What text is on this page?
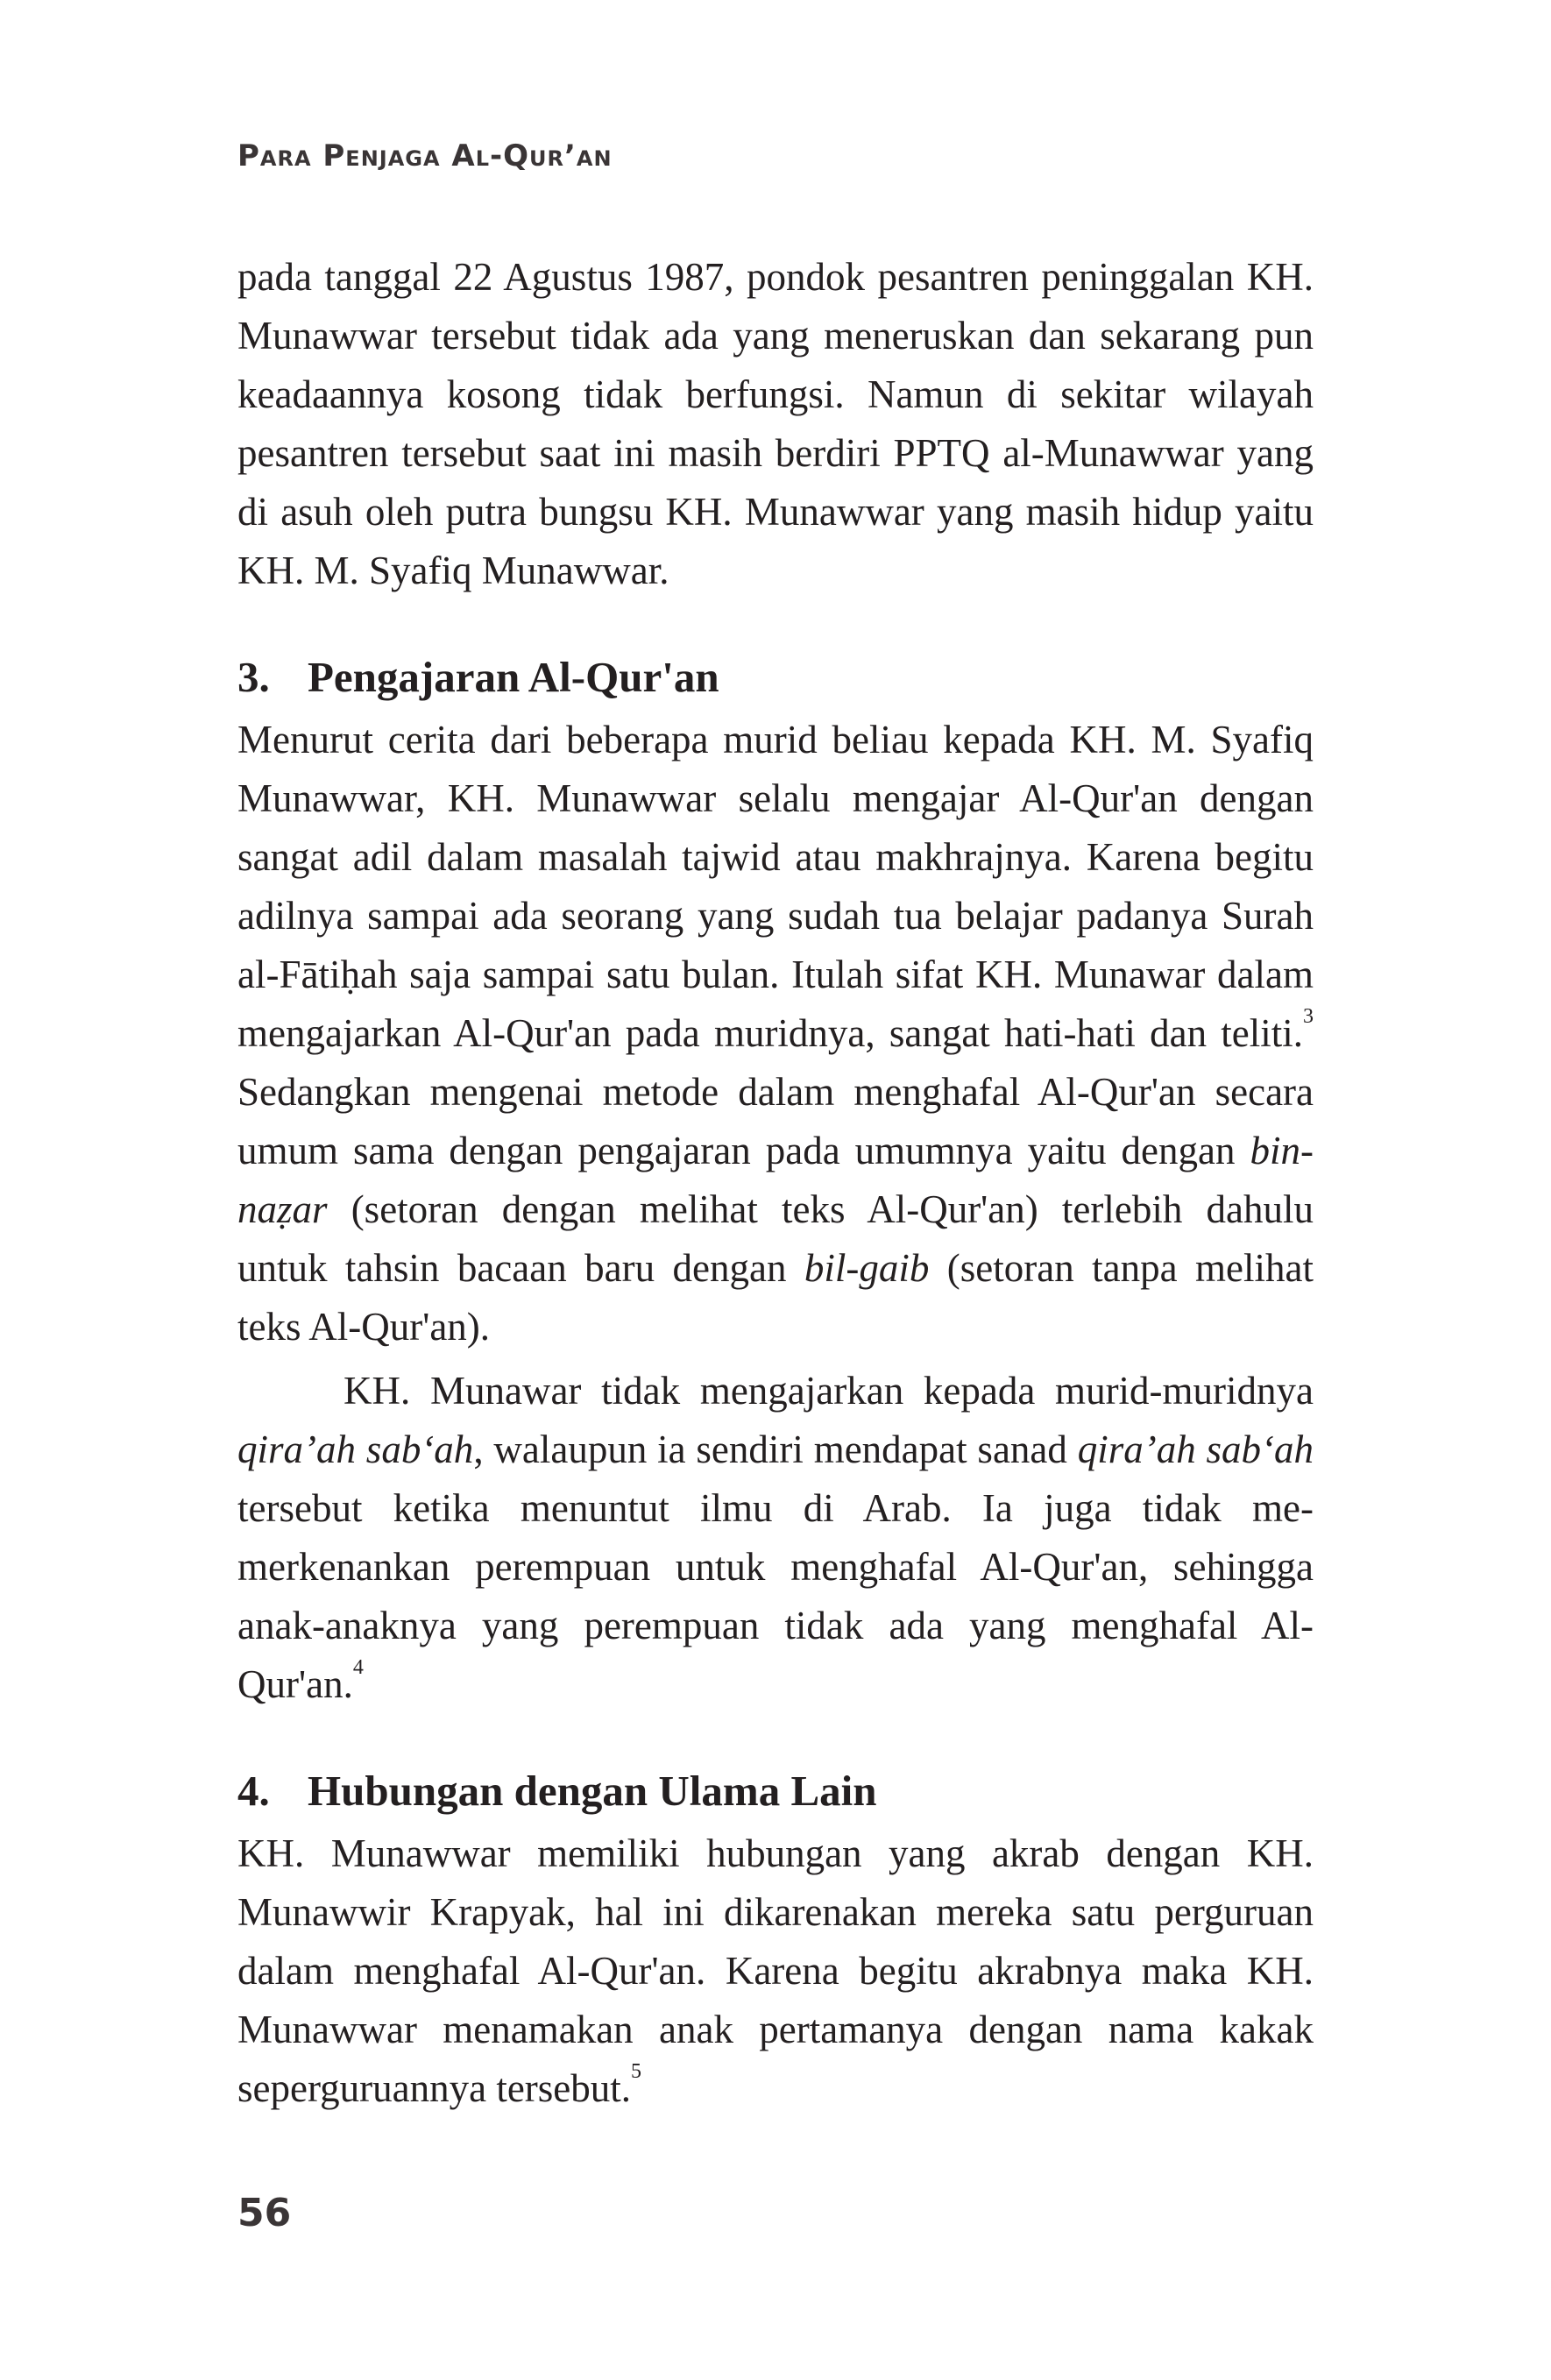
Para Penjaga Al-Qur’an

pada tanggal 22 Agustus 1987, pondok pesantren peninggalan KH. Munawwar tersebut tidak ada yang meneruskan dan sekarang pun keadaannya kosong tidak berfungsi. Namun di sekitar wilayah pesantren tersebut saat ini masih berdiri PPTQ al-Munawwar yang di asuh oleh putra bungsu KH. Munawwar yang masih hidup yaitu KH. M. Syafiq Munawwar.

3. Pengajaran Al-Qur'an

Menurut cerita dari beberapa murid beliau kepada KH. M. Syafiq Munawwar, KH. Munawwar selalu mengajar Al-Qur'an dengan sangat adil dalam masalah tajwid atau makhrajnya. Karena begitu adilnya sampai ada seorang yang sudah tua belajar padanya Surah al-Fātiḥah saja sampai satu bulan. Itulah sifat KH. Munawar dalam mengajarkan Al-Qur'an pada muridnya, sangat hati-hati dan teliti.$^3$ Sedangkan mengenai metode dalam menghafal Al-Qur'an secara umum sama dengan pengajaran pada umumnya yaitu dengan bin-naẓar (setoran dengan melihat teks Al-Qur'an) terlebih dahulu untuk tahsin bacaan baru dengan bil-gaib (setoran tanpa melihat teks Al-Qur'an).

KH. Munawar tidak mengajarkan kepada murid-muridnya qira’ah sab‘ah, walaupun ia sendiri mendapat sanad qira’ah sab‘ah tersebut ketika menuntut ilmu di Arab. Ia juga tidak memerkenankan perempuan untuk menghafal Al-Qur'an, sehingga anak-anaknya yang perempuan tidak ada yang menghafal Al-Qur'an.$^4$

4. Hubungan dengan Ulama Lain

KH. Munawwar memiliki hubungan yang akrab dengan KH. Munawwir Krapyak, hal ini dikarenakan mereka satu perguruan dalam menghafal Al-Qur'an. Karena begitu akrabnya maka KH. Munawwar menamakan anak pertamanya dengan nama kakak seperguruannya tersebut.$^5$

56
